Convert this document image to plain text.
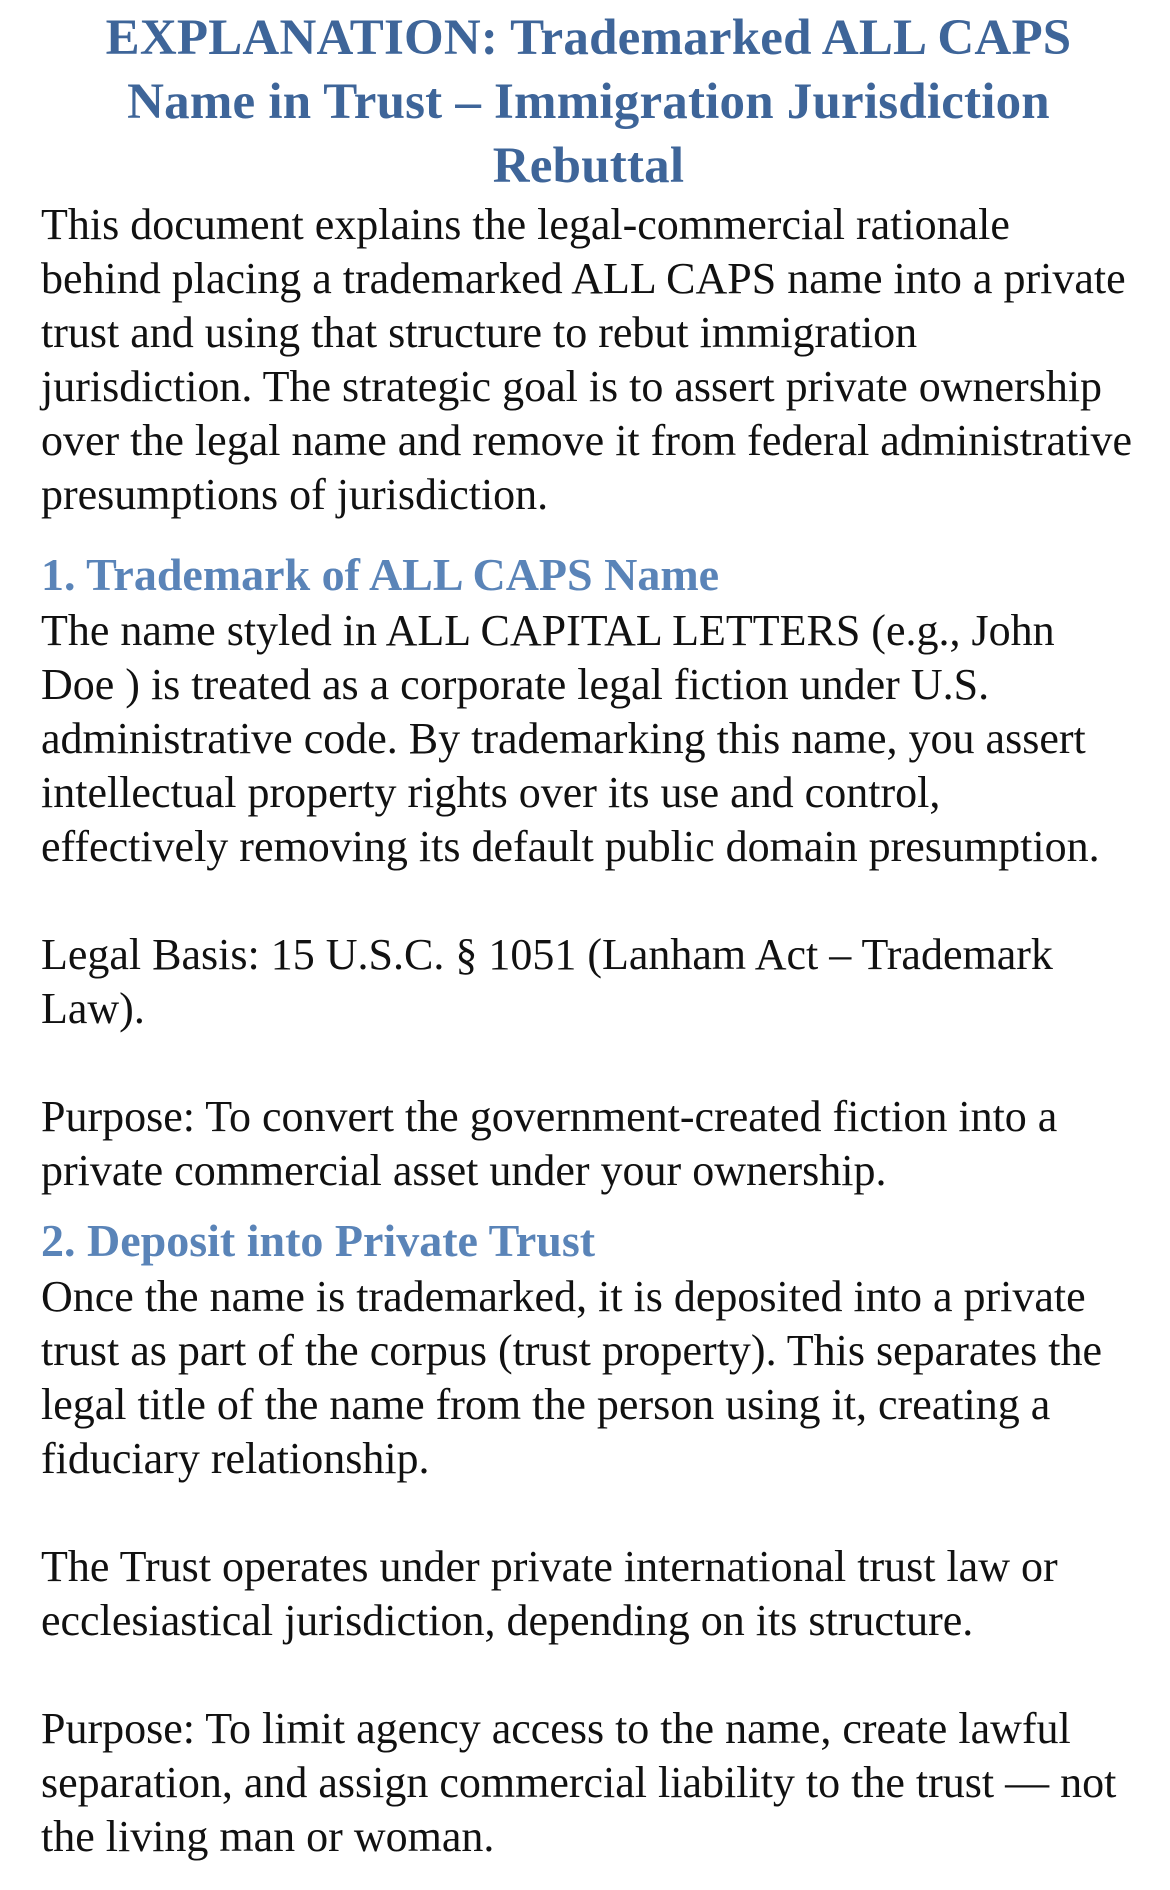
EXPLANATION: Trademarked ALL CAPS Name in Trust – Immigration Jurisdiction Rebuttal

This document explains the legal-commercial rationale behind placing a trademarked ALL CAPS name into a private trust and using that structure to rebut immigration jurisdiction. The strategic goal is to assert private ownership over the legal name and remove it from federal administrative presumptions of jurisdiction.

1. Trademark of ALL CAPS Name

The name styled in ALL CAPITAL LETTERS (e.g., John Doe ) is treated as a corporate legal fiction under U.S. administrative code. By trademarking this name, you assert intellectual property rights over its use and control, effectively removing its default public domain presumption.

Legal Basis: 15 U.S.C. § 1051 (Lanham Act – Trademark Law).

Purpose: To convert the government-created fiction into a private commercial asset under your ownership.

2. Deposit into Private Trust

Once the name is trademarked, it is deposited into a private trust as part of the corpus (trust property). This separates the legal title of the name from the person using it, creating a fiduciary relationship.

The Trust operates under private international trust law or ecclesiastical jurisdiction, depending on its structure.

Purpose: To limit agency access to the name, create lawful separation, and assign commercial liability to the trust — not the living man or woman.
